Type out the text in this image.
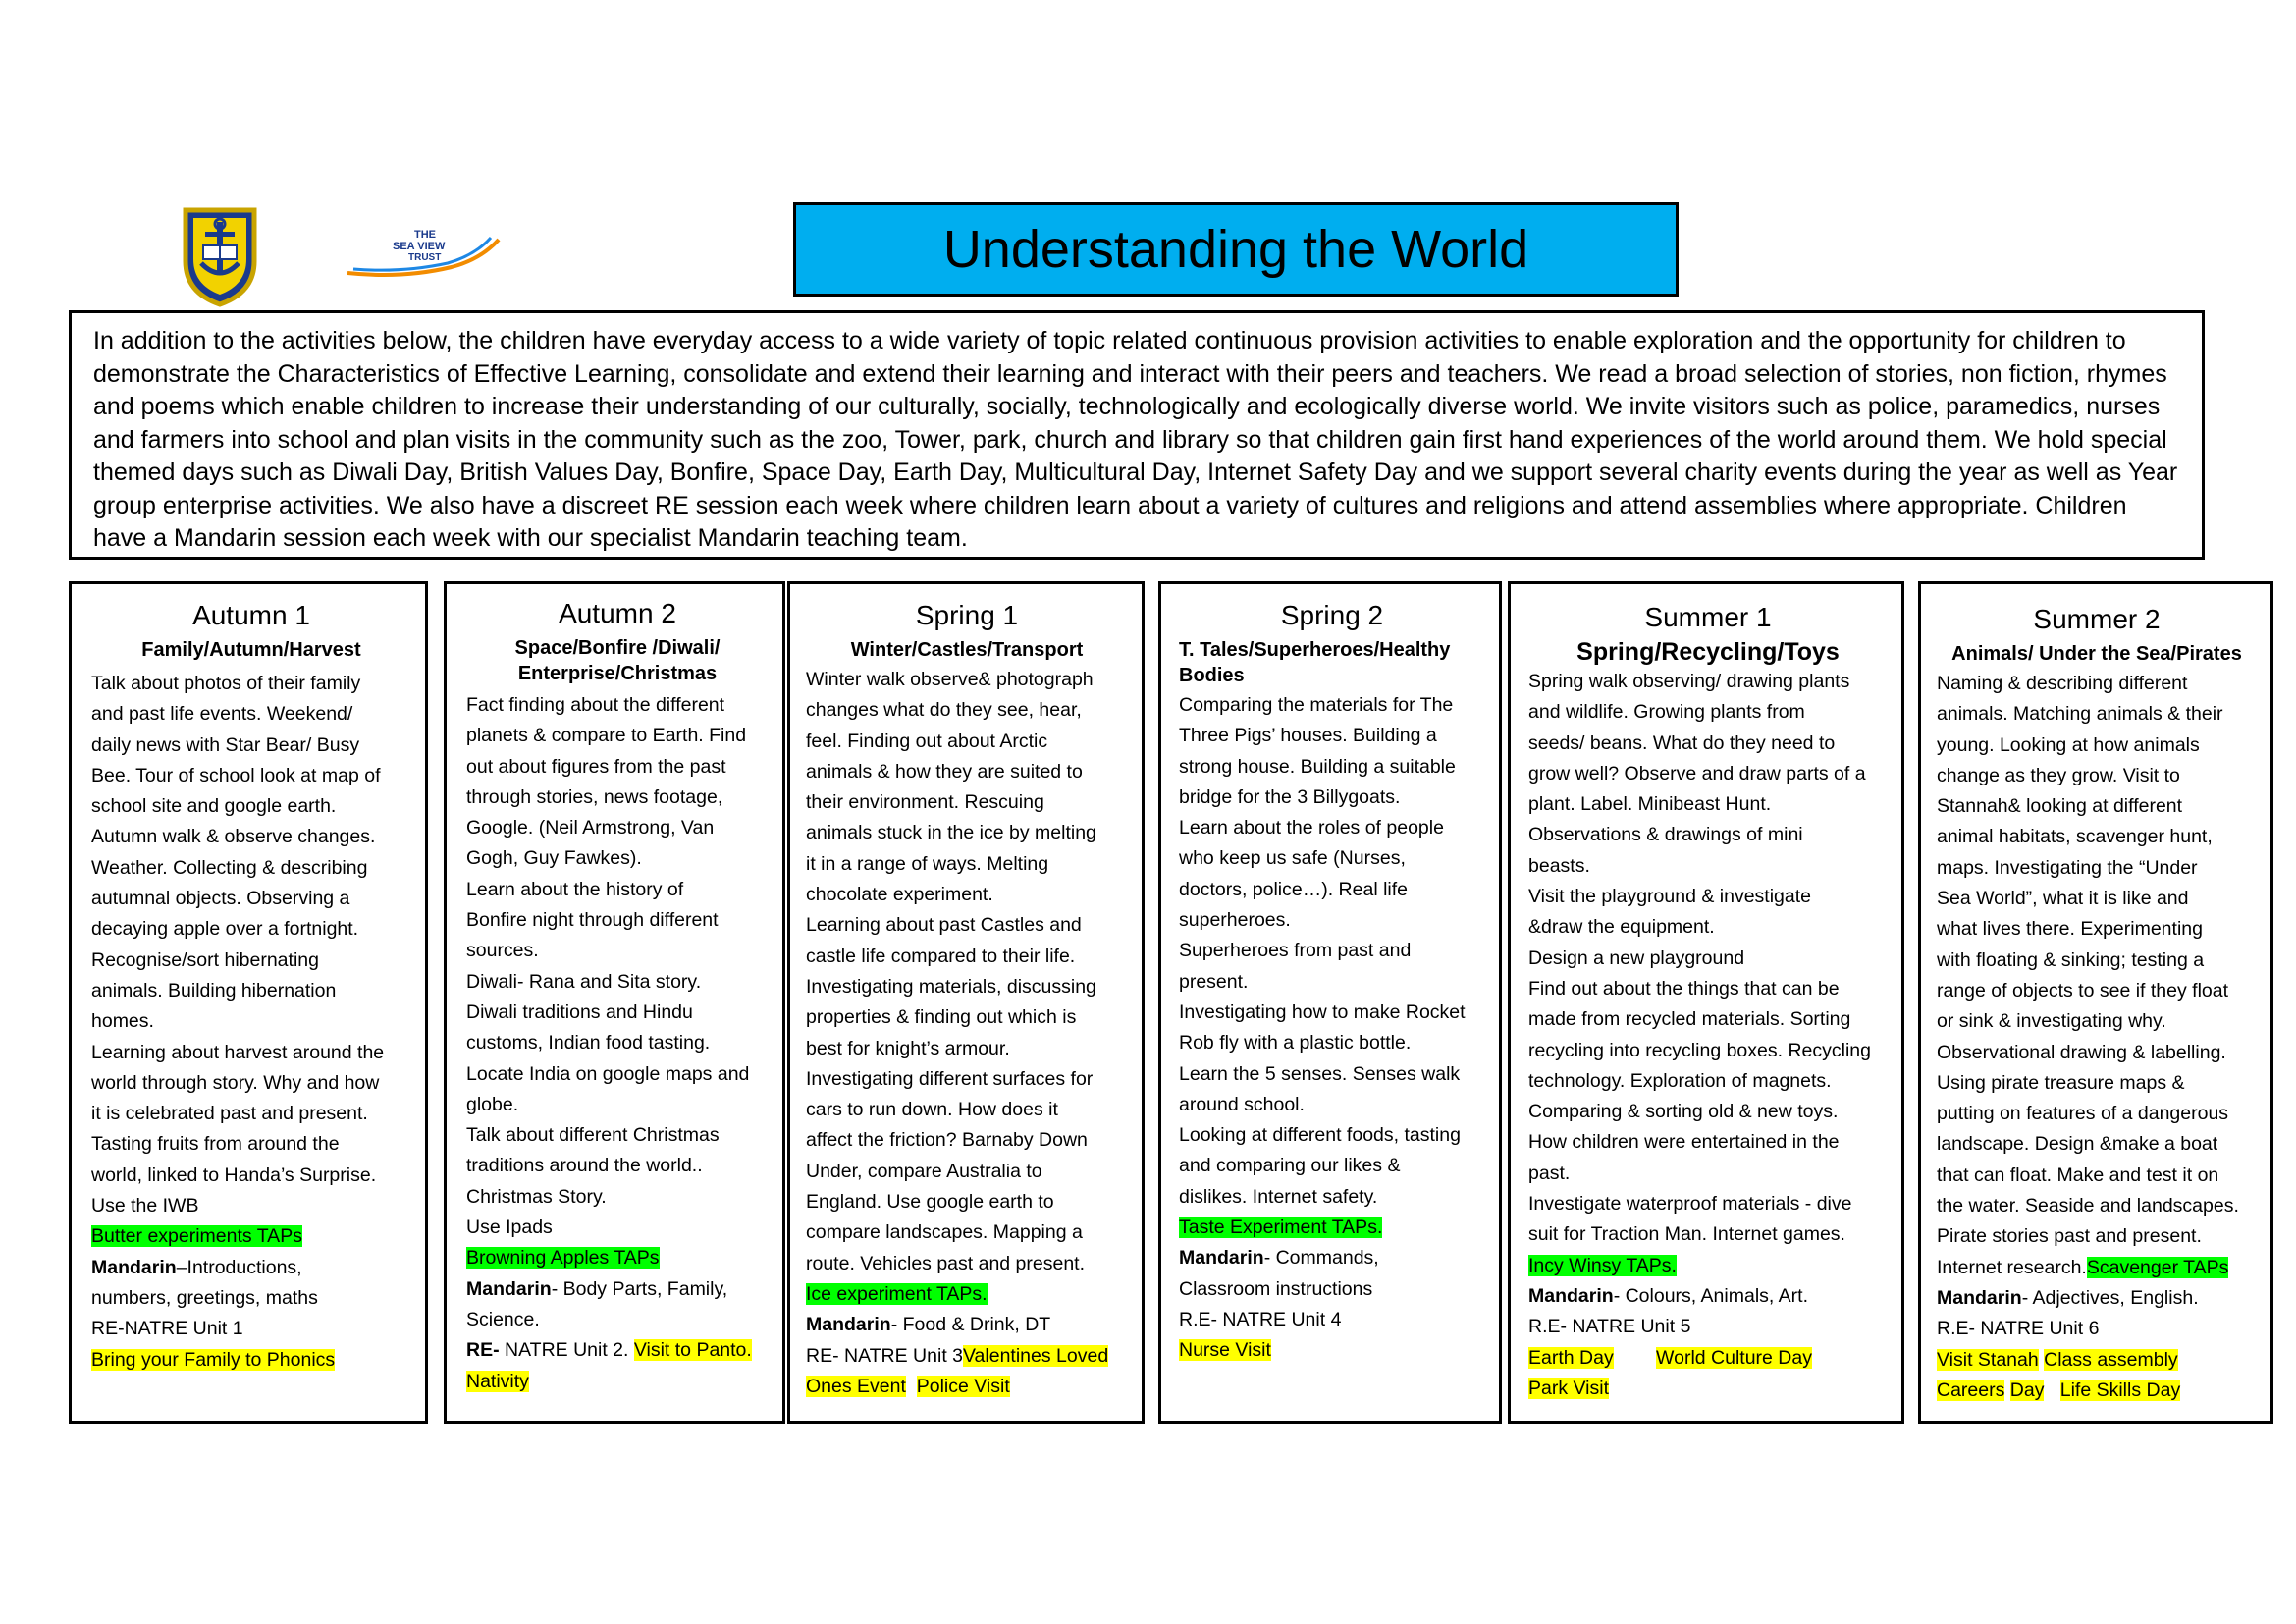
THE
SEA VIEW
TRUST	Understanding the World
In addition to the activities below, the children have everyday access to a wide variety of topic related continuous provision activities to enable exploration and the opportunity for children to demonstrate the Characteristics of Effective Learning, consolidate and extend their learning and interact with their peers and teachers. We read a broad selection of stories, non fiction, rhymes and poems which enable children to increase their understanding of our culturally, socially, technologically and ecologically diverse world. We invite visitors such as police, paramedics, nurses and farmers into school and plan visits in the community such as the zoo, Tower, park, church and library so that children gain first hand experiences of the world around them. We hold special themed days such as Diwali Day, British Values Day, Bonfire, Space Day, Earth Day, Multicultural Day, Internet Safety Day and we support several charity events during the year as well as Year group enterprise activities. We also have a discreet RE session each week where children learn about a variety of cultures and religions and attend assemblies where appropriate. Children have a Mandarin session each week with our specialist Mandarin teaching team.
Autumn 1
Family/Autumn/Harvest
Talk about photos of their family
and past life events. Weekend/
daily news with Star Bear/ Busy
Bee. Tour of school look at map of
school site and google earth.
Autumn walk & observe changes.
Weather. Collecting & describing
autumnal objects. Observing a
decaying apple over a fortnight.
Recognise/sort hibernating
animals. Building hibernation
homes.
Learning about harvest around the
world through story. Why and how
it is celebrated past and present.
Tasting fruits from around the
world, linked to Handa’s Surprise.
Use the IWB
Butter experiments TAPs
Mandarin–Introductions,
numbers, greetings, maths
RE-NATRE Unit 1
Bring your Family to Phonics
Autumn 2
Space/Bonfire /Diwali/
Enterprise/Christmas
Fact finding about the different
planets & compare to Earth. Find
out about figures from the past
through stories, news footage,
Google. (Neil Armstrong, Van
Gogh, Guy Fawkes).
Learn about the history of
Bonfire night through different
sources.
Diwali- Rana and Sita story.
Diwali traditions and Hindu
customs, Indian food tasting.
Locate India on google maps and
globe.
Talk about different Christmas
traditions around the world..
Christmas Story.
Use Ipads
Browning Apples TAPs
Mandarin- Body Parts, Family,
Science.
RE- NATRE Unit 2. Visit to Panto.
Nativity
Spring 1
Winter/Castles/Transport
Winter walk observe& photograph
changes what do they see, hear,
feel. Finding out about Arctic
animals & how they are suited to
their environment. Rescuing
animals stuck in the ice by melting
it in a range of ways. Melting
chocolate experiment.
Learning about past Castles and
castle life compared to their life.
Investigating materials, discussing
properties & finding out which is
best for knight’s armour.
Investigating different surfaces for
cars to run down. How does it
affect the friction? Barnaby Down
Under, compare Australia to
England. Use google earth to
compare landscapes. Mapping a
route. Vehicles past and present.
Ice experiment TAPs.
Mandarin- Food & Drink, DT
RE- NATRE Unit 3Valentines Loved
Ones Event Police Visit
Spring 2
T. Tales/Superheroes/Healthy
Bodies
Comparing the materials for The
Three Pigs’ houses. Building a
strong house. Building a suitable
bridge for the 3 Billygoats.
Learn about the roles of people
who keep us safe (Nurses,
doctors, police…). Real life
superheroes.
Superheroes from past and
present.
Investigating how to make Rocket
Rob fly with a plastic bottle.
Learn the 5 senses. Senses walk
around school.
Looking at different foods, tasting
and comparing our likes &
dislikes. Internet safety.
Taste Experiment TAPs.
Mandarin- Commands,
Classroom instructions
R.E- NATRE Unit 4
Nurse Visit
Summer 1
Spring/Recycling/Toys
Spring walk observing/ drawing plants
and wildlife. Growing plants from
seeds/ beans. What do they need to
grow well? Observe and draw parts of a
plant. Label. Minibeast Hunt.
Observations & drawings of mini
beasts.
Visit the playground & investigate
&draw the equipment.
Design a new playground
Find out about the things that can be
made from recycled materials. Sorting
recycling into recycling boxes. Recycling
technology. Exploration of magnets.
Comparing & sorting old & new toys.
How children were entertained in the
past.
Investigate waterproof materials - dive
suit for Traction Man. Internet games.
Incy Winsy TAPs.
Mandarin- Colours, Animals, Art.
R.E- NATRE Unit 5
Earth Day World Culture Day
Park Visit
Summer 2
Animals/ Under the Sea/Pirates
Naming & describing different
animals. Matching animals & their
young. Looking at how animals
change as they grow. Visit to
Stannah& looking at different
animal habitats, scavenger hunt,
maps. Investigating the “Under
Sea World”, what it is like and
what lives there. Experimenting
with floating & sinking; testing a
range of objects to see if they float
or sink & investigating why.
Observational drawing & labelling.
Using pirate treasure maps &
putting on features of a dangerous
landscape. Design &make a boat
that can float. Make and test it on
the water. Seaside and landscapes.
Pirate stories past and present.
Internet research.Scavenger TAPs
Mandarin- Adjectives, English.
R.E- NATRE Unit 6
Visit Stanah Class assembly
Careers Day Life Skills Day
